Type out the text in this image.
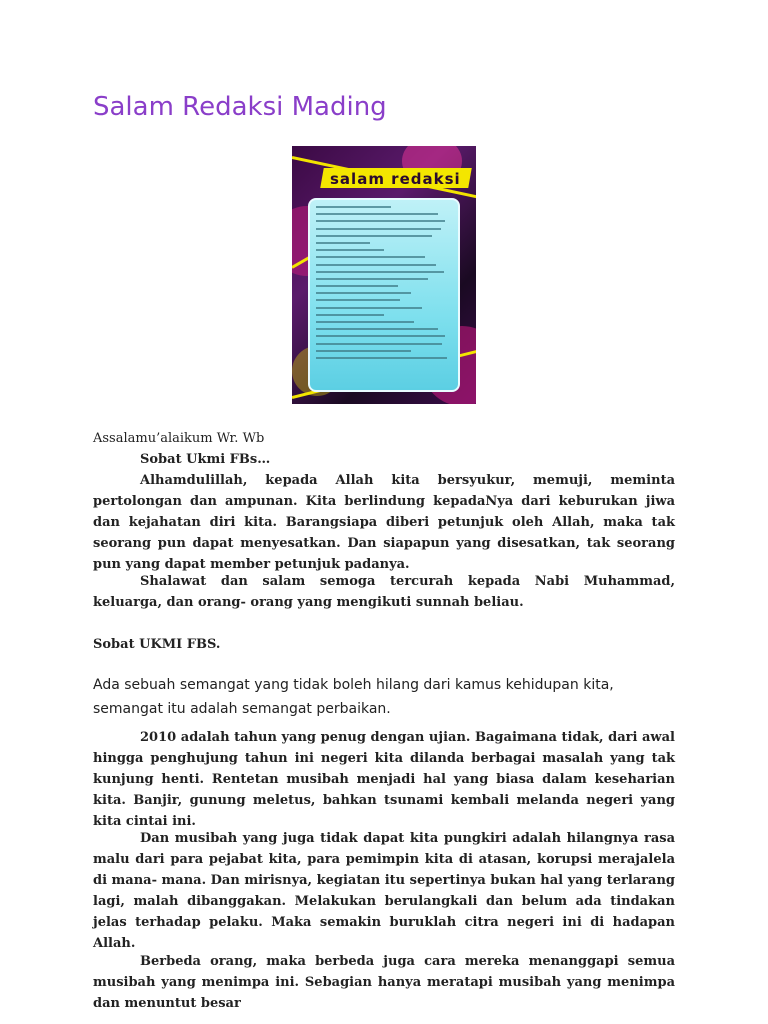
Salam Redaksi Mading
salam redaksi

Assalamu’alaikum Wr. Wb

Sobat Ukmi FBs…

Alhamdulillah, kepada Allah kita bersyukur, memuji, meminta pertolongan dan ampunan. Kita berlindung kepadaNya dari keburukan jiwa dan kejahatan diri kita. Barangsiapa diberi petunjuk oleh Allah, maka tak seorang pun dapat menyesatkan. Dan siapapun yang disesatkan, tak seorang pun yang dapat member petunjuk padanya.

Shalawat dan salam semoga tercurah kepada Nabi Muhammad, keluarga, dan orang- orang yang mengikuti sunnah beliau.

Sobat UKMI FBS.

Ada sebuah semangat yang tidak boleh hilang dari kamus kehidupan kita, semangat itu adalah semangat perbaikan.

2010 adalah tahun yang penug dengan ujian. Bagaimana tidak, dari awal hingga penghujung tahun ini negeri kita dilanda berbagai masalah yang tak kunjung henti. Rentetan musibah menjadi hal yang biasa dalam keseharian kita. Banjir, gunung meletus, bahkan tsunami kembali melanda negeri yang kita cintai ini.

Dan musibah yang juga tidak dapat kita pungkiri adalah hilangnya rasa malu dari para pejabat kita, para pemimpin kita di atasan, korupsi merajalela di mana- mana. Dan mirisnya, kegiatan itu sepertinya bukan hal yang terlarang lagi, malah dibanggakan. Melakukan berulangkali dan belum ada tindakan jelas terhadap pelaku. Maka semakin buruklah citra negeri ini di hadapan Allah.

Berbeda orang, maka berbeda juga cara mereka menanggapi semua musibah yang menimpa ini. Sebagian hanya meratapi musibah yang menimpa dan menuntut besar
